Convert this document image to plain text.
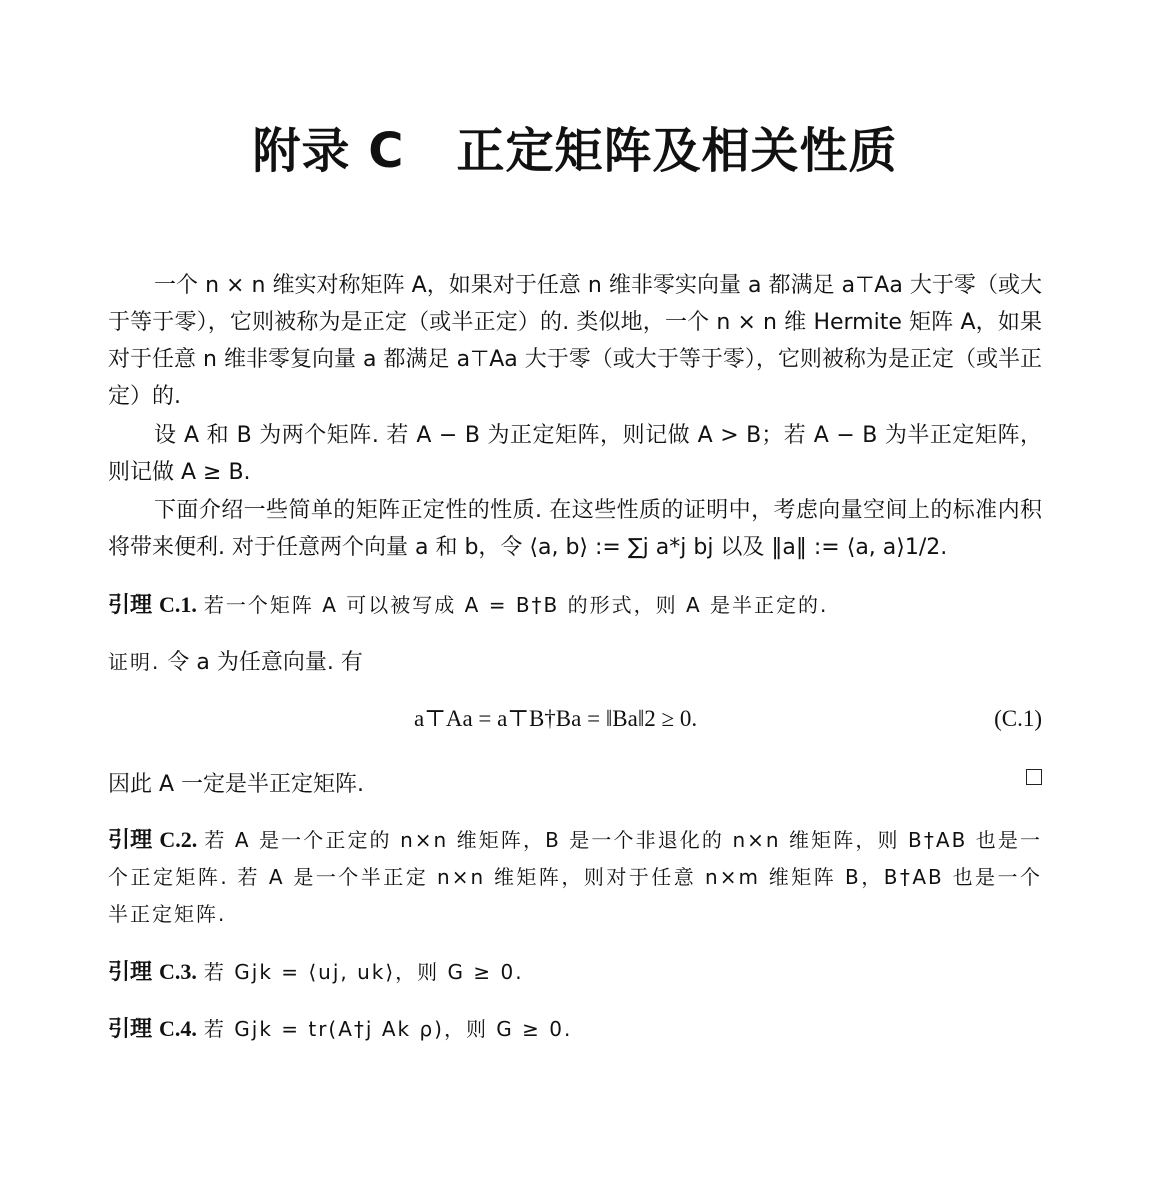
附录 C 正定矩阵及相关性质
一个 n × n 维实对称矩阵 A，如果对于任意 n 维非零实向量 a 都满足 a⊤Aa 大于零（或大于等于零），它则被称为是正定（或半正定）的. 类似地，一个 n × n 维 Hermite 矩阵 A，如果对于任意 n 维非零复向量 a 都满足 a⊤Aa 大于零（或大于等于零），它则被称为是正定（或半正定）的.
设 A 和 B 为两个矩阵. 若 A − B 为正定矩阵，则记做 A > B；若 A − B 为半正定矩阵，则记做 A ≥ B.
下面介绍一些简单的矩阵正定性的性质. 在这些性质的证明中，考虑向量空间上的标准内积将带来便利. 对于任意两个向量 a 和 b，令 ⟨a, b⟩ := ∑j a*j bj 以及 ‖a‖ := ⟨a, a⟩1/2.
引理 C.1. 若一个矩阵 A 可以被写成 A = B†B 的形式，则 A 是半正定的.
证明. 令 a 为任意向量. 有
a⊤Aa = a⊤B†Ba = ‖Ba‖2 ≥ 0.	(C.1)
因此 A 一定是半正定矩阵.
引理 C.2. 若 A 是一个正定的 n×n 维矩阵，B 是一个非退化的 n×n 维矩阵，则 B†AB 也是一个正定矩阵. 若 A 是一个半正定 n×n 维矩阵，则对于任意 n×m 维矩阵 B，B†AB 也是一个半正定矩阵.
引理 C.3. 若 Gjk = ⟨uj, uk⟩，则 G ≥ 0.
引理 C.4. 若 Gjk = tr(A†j Ak ρ)，则 G ≥ 0.
